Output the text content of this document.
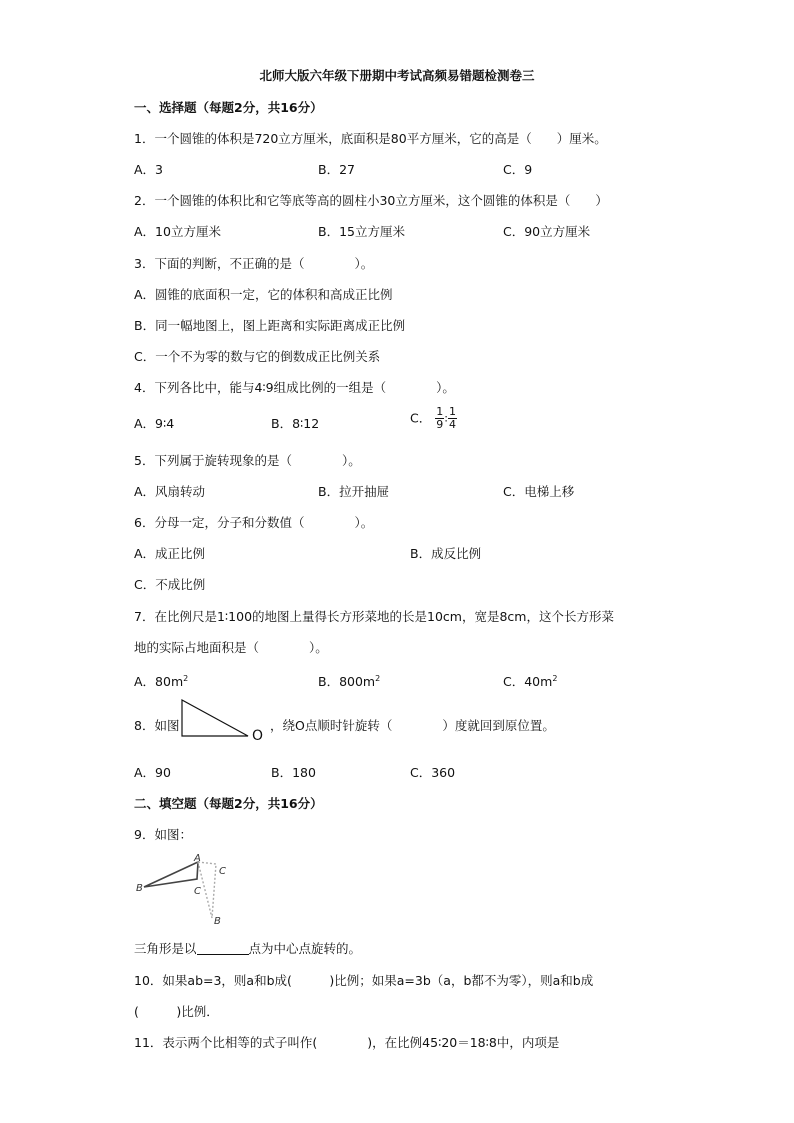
北师大版六年级下册期中考试高频易错题检测卷三
一、选择题（每题2分，共16分）
1．一个圆锥的体积是720立方厘米，底面积是80平方厘米，它的高是（　　）厘米。
A．3	B．27	C．9
2．一个圆锥的体积比和它等底等高的圆柱小30立方厘米，这个圆锥的体积是（　　）
A．10立方厘米	B．15立方厘米	C．90立方厘米
3．下面的判断，不正确的是（　　　　）。
A．圆锥的底面积一定，它的体积和高成正比例
B．同一幅地图上，图上距离和实际距离成正比例
C．一个不为零的数与它的倒数成正比例关系
4．下列各比中，能与4∶9组成比例的一组是（　　　　）。
A．9∶4	B．8∶12	C． $\frac{1}{9}$ : $\frac{1}{4}$
5．下列属于旋转现象的是（　　　　）。
A．风扇转动	B．拉开抽屉	C．电梯上移
6．分母一定，分子和分数值（　　　　）。
A．成正比例	B．成反比例
C．不成比例
7．在比例尺是1∶100的地图上量得长方形菜地的长是10cm，宽是8cm，这个长方形菜
地的实际占地面积是（　　　　）。
A．$80m^2$	B．$800m^2$	C．$40m^2$
8．如图
O
，绕O点顺时针旋转（　　　　）度就回到原位置。
A．90	B．180	C．360
二、填空题（每题2分，共16分）
9．如图：
A
B	C
C
B
三角形是以	点为中心点旋转的。
10．如果ab=3，则a和b成(　　　)比例；如果a=3b（a，b都不为零），则a和b成
(　　　)比例．
11．表示两个比相等的式子叫作(　　　　)，在比例45∶20＝18∶8中，内项是
